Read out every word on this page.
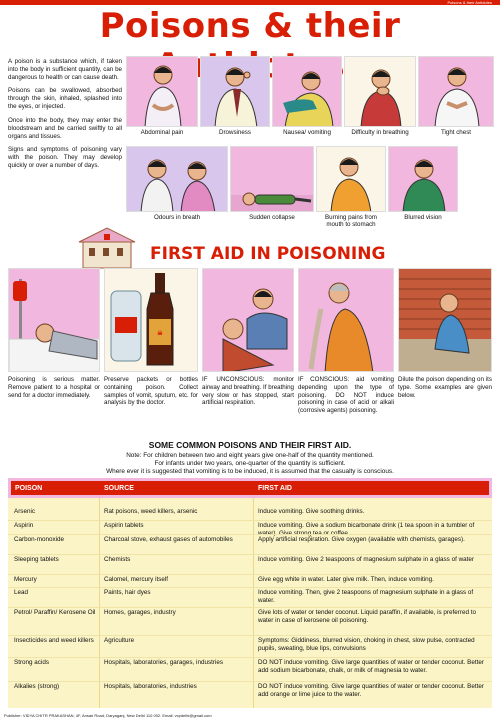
Poisons & their Antidotes
Poisons & their

A poison is a substance which, if taken into the body in sufficient quantity, can be dangerous to health or can cause death.

Poisons can be swallowed, absorbed through the skin, inhaled, splashed into the eyes, or injected.

Once into the body, they may enter the bloodstream and be carried swiftly to all organs and tissues.

Signs and symptoms of poisoning vary with the poison. They may develop quickly or over a number of days.

Abdominal pain	Drowsiness	Nausea/ vomiting	Difficulty in breathing	Tight chest
Odours in breath	Sudden collapse	Burning pains from mouth to stomach
Blurred vision
FIRST AID IN POISONING
☠
Poisoning is serious matter. Remove patient to a hospital or send for a doctor immediately.
Preserve packets or bottles containing poison. Collect samples of vomit, sputum, etc. for analysis by the doctor.
IF UNCONSCIOUS: monitor airway and breathing. If breathing very slow or has stopped, start artificial respiration.
IF CONSCIOUS: aid vomiting depending upon the type of poisoning. DO NOT induce poisoning in case of acid or alkali (corrosive agents) poisoning.
Dilute the poison depending on its type. Some examples are given below.
SOME COMMON POISONS AND THEIR FIRST AID.
Note: For children between two and eight years give one-half of the quantity mentioned.
For infants under two years, one-quarter of the quantity is sufficient.
Where ever it is suggested that vomiting is to be induced, it is assumed that the casualty is conscious.
POISON	SOURCE	FIRST AID
Arsenic	Rat poisons, weed killers, arsenic	Induce vomiting. Give soothing drinks.
Aspirin	Aspirin tablets	Induce vomiting. Give a sodium bicarbonate drink (1 tea spoon in a tumbler of
Carbon-monoxide	Charcoal stove, exhaust gases of automobiles	Apply artificial respiration. Give oxygen (available with chemists, garages).
Sleeping tablets	Chemists	Induce vomiting. Give 2 teaspoons of magnesium sulphate in a glass of water
Mercury	Calomel, mercury itself	Give egg white in water. Later give milk. Then, induce vomiting.
Lead	Paints, hair dyes	Induce vomiting. Then, give 2 teaspoons of magnesium sulphate in a glass of water.
Petrol/ Paraffin/ Kerosene Oil	Homes, garages, industry	Give lots of water or tender coconut. Liquid paraffin, if available, is preferred to water in case of kerosene oil poisoning.
Insecticides and weed killers	Agriculture	Symptoms: Giddiness, blurred vision, choking in chest, slow pulse, contracted pupils, sweating, blue lips, convulsions
Strong acids	Hospitals, laboratories, garages, industries	DO NOT induce vomiting. Give large quantities of water or tender coconut. Better add sodium bicarbonate, chalk, or milk of magnesia to water.
Alkalies (strong)	Hospitals, laboratories, industries	DO NOT induce vomiting. Give large quantities of water or tender coconut. Better add orange or lime juice to the water.
Publisher: VIDYA CHITR PRAKASHAN, 4F, Ansari Road, Daryaganj, New Delhi 110 002. Email: vcpdelhi@gmail.com
